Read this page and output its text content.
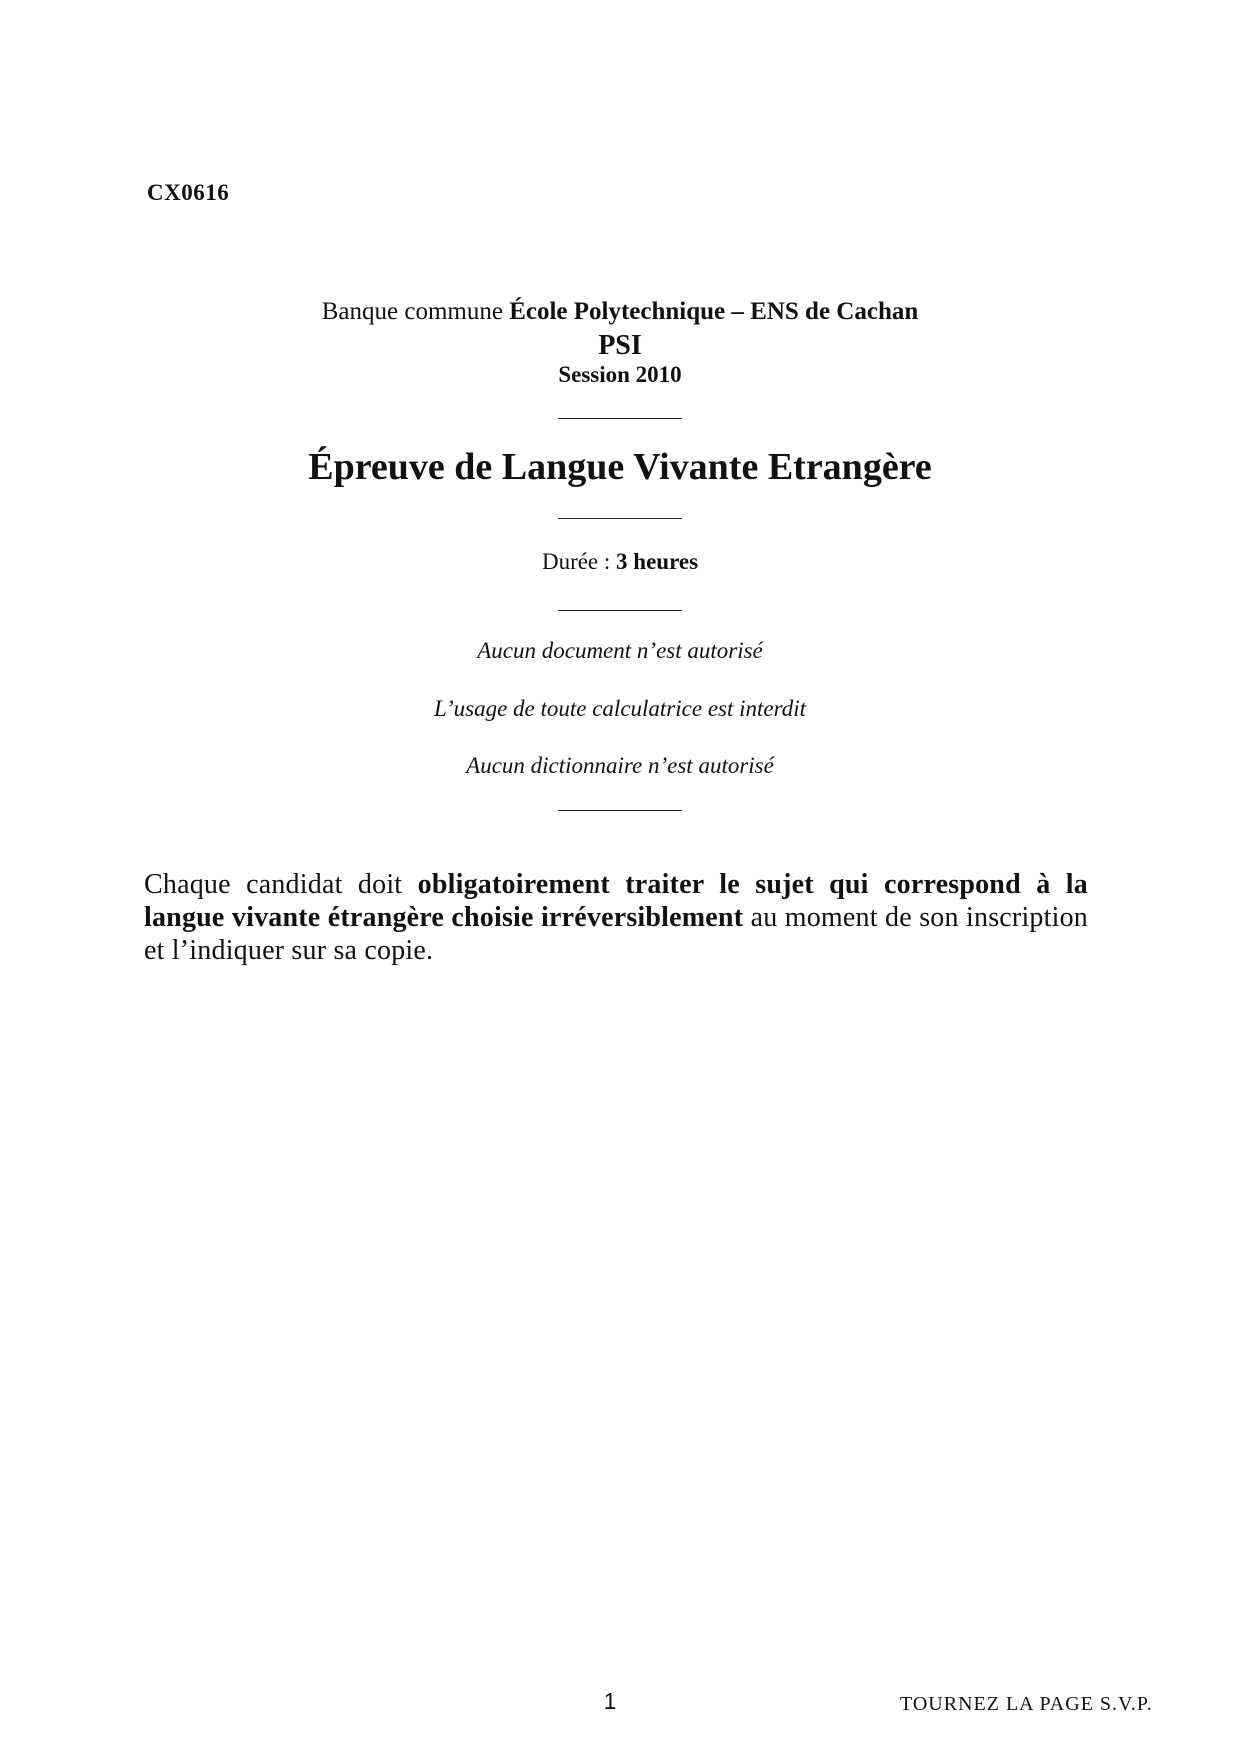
CX0616
Banque commune École Polytechnique – ENS de Cachan
PSI
Session 2010
Épreuve de Langue Vivante Etrangère
Durée : 3 heures
Aucun document n’est autorisé
L’usage de toute calculatrice est interdit
Aucun dictionnaire n’est autorisé
Chaque candidat doit obligatoirement traiter le sujet qui correspond à la langue vivante étrangère choisie irréversiblement au moment de son inscription et l’indiquer sur sa copie.
1	TOURNEZ LA PAGE S.V.P.
